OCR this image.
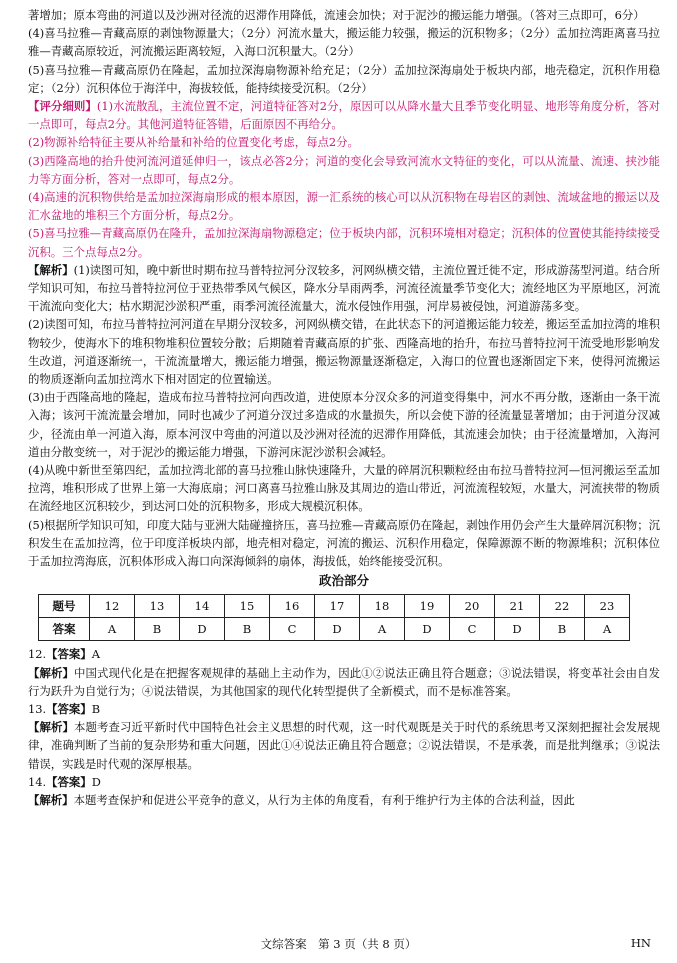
著增加；原本弯曲的河道以及沙洲对径流的迟滞作用降低，流速会加快；对于泥沙的搬运能力增强。（答对三点即可，6分）

(4)喜马拉雅—青藏高原的剥蚀物源量大；（2分）河流水量大，搬运能力较强，搬运的沉积物多；（2分）孟加拉湾距离喜马拉雅—青藏高原较近，河流搬运距离较短，入海口沉积量大。（2分）

(5)喜马拉雅—青藏高原仍在隆起，孟加拉深海扇物源补给充足；（2分）孟加拉深海扇处于板块内部，地壳稳定，沉积作用稳定；（2分）沉积体位于海洋中，海拔较低，能持续接受沉积。（2分）

【评分细则】(1)水流散乱，主流位置不定，河道特征答对2分，原因可以从降水量大且季节变化明显、地形等角度分析，答对一点即可，每点2分。其他河道特征答错，后面原因不再给分。

(2)物源补给特征主要从补给量和补给的位置变化考虑，每点2分。

(3)西隆高地的抬升使河流河道延伸归一，该点必答2分；河道的变化会导致河流水文特征的变化，可以从流量、流速、挟沙能力等方面分析，答对一点即可，每点2分。

(4)高速的沉积物供给是孟加拉深海扇形成的根本原因，源一汇系统的核心可以从沉积物在母岩区的剥蚀、流域盆地的搬运以及汇水盆地的堆积三个方面分析，每点2分。

(5)喜马拉雅—青藏高原仍在隆升，孟加拉深海扇物源稳定；位于板块内部，沉积环境相对稳定；沉积体的位置使其能持续接受沉积。三个点每点2分。

【解析】(1)读图可知，晚中新世时期布拉马普特拉河分汊较多，河网纵横交错，主流位置迁徙不定，形成游荡型河道。结合所学知识可知，布拉马普特拉河位于亚热带季风气候区，降水分旱雨两季，河流径流量季节变化大；流经地区为平原地区，河流干流流向变化大；枯水期泥沙淤积严重，雨季河流径流量大，流水侵蚀作用强，河岸易被侵蚀，河道游荡多变。

(2)读图可知，布拉马普特拉河河道在早期分汊较多，河网纵横交错，在此状态下的河道搬运能力较差，搬运至孟加拉湾的堆积物较少，使海水下的堆积物堆积位置较分散；后期随着青藏高原的扩张、西隆高地的抬升，布拉马普特拉河干流受地形影响发生改道，河道逐渐统一，干流流量增大，搬运能力增强，搬运物源量逐渐稳定，入海口的位置也逐渐固定下来，使得河流搬运的物质逐渐向孟加拉湾水下相对固定的位置输送。

(3)由于西隆高地的隆起，造成布拉马普特拉河向西改道，进使原本分汊众多的河道变得集中，河水不再分散，逐渐由一条干流入海；该河干流流量会增加，同时也减少了河道分汊过多造成的水量损失，所以会使下游的径流量显著增加；由于河道分汊减少，径流由单一河道入海，原本河汊中弯曲的河道以及沙洲对径流的迟滞作用降低，其流速会加快；由于径流量增加，入海河道由分散变统一，对于泥沙的搬运能力增强，下游河床泥沙淤积会减轻。

(4)从晚中新世至第四纪，孟加拉湾北部的喜马拉雅山脉快速隆升，大量的碎屑沉积颗粒经由布拉马普特拉河—恒河搬运至孟加拉湾，堆积形成了世界上第一大海底扇；河口离喜马拉雅山脉及其周边的造山带近，河流流程较短，水量大，河流挟带的物质在流经地区沉积较少，到达河口处的沉积物多，形成大规模沉积体。

(5)根据所学知识可知，印度大陆与亚洲大陆碰撞挤压，喜马拉雅—青藏高原仍在隆起，剥蚀作用仍会产生大量碎屑沉积物；沉积发生在孟加拉湾，位于印度洋板块内部，地壳相对稳定，河流的搬运、沉积作用稳定，保障源源不断的物源堆积；沉积体位于孟加拉湾海底，沉积体形成入海口向深海倾斜的扇体，海拔低，始终能接受沉积。

政治部分
题号	12	13	14	15	16	17	18	19	20	21	22	23
答案	A	B	D	B	C	D	A	D	C	D	B	A

12.【答案】A

【解析】中国式现代化是在把握客观规律的基础上主动作为，因此①②说法正确且符合题意；③说法错误，将变革社会由自发行为跃升为自觉行为；④说法错误，为其他国家的现代化转型提供了全新模式，而不是标准答案。

13.【答案】B

【解析】本题考查习近平新时代中国特色社会主义思想的时代观，这一时代观既是关于时代的系统思考又深刻把握社会发展规律，准确判断了当前的复杂形势和重大问题，因此①④说法正确且符合题意；②说法错误，不是承袭，而是批判继承；③说法错误，实践是时代观的深厚根基。

14.【答案】D

【解析】本题考查保护和促进公平竞争的意义，从行为主体的角度看，有利于维护行为主体的合法利益，因此

文综答案　第 3 页（共 8 页）	HN
